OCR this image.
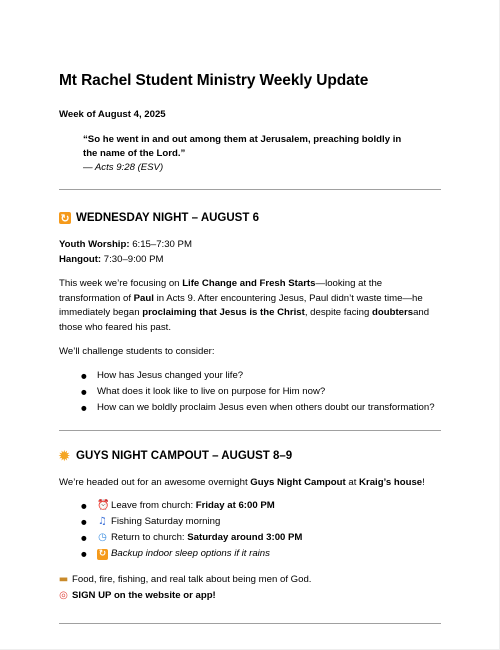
Mt Rachel Student Ministry Weekly Update
Week of August 4, 2025
“So he went in and out among them at Jerusalem, preaching boldly in the name of the Lord.”
— Acts 9:28 (ESV)
↻
WEDNESDAY NIGHT – AUGUST 6

Youth Worship: 6:15–7:30 PM

Hangout: 7:30–9:00 PM

This week we’re focusing on Life Change and Fresh Starts—looking at the transformation of Paul in Acts 9. After encountering Jesus, Paul didn’t waste time—he immediately began proclaiming that Jesus is the Christ, despite facing doubtersand those who feared his past.

We’ll challenge students to consider:

● How has Jesus changed your life?
● What does it look like to live on purpose for Him now?
● How can we boldly proclaim Jesus even when others doubt our transformation?
✹
GUYS NIGHT CAMPOUT – AUGUST 8–9

We’re headed out for an awesome overnight Guys Night Campout at Kraig’s house!

● ⏰ Leave from church: Friday at 6:00 PM
● ♫ Fishing Saturday morning
● ◷ Return to church: Saturday around 3:00 PM
● ↻ Backup indoor sleep options if it rains
▬ Food, fire, fishing, and real talk about being men of God.
◎ SIGN UP on the website or app!
